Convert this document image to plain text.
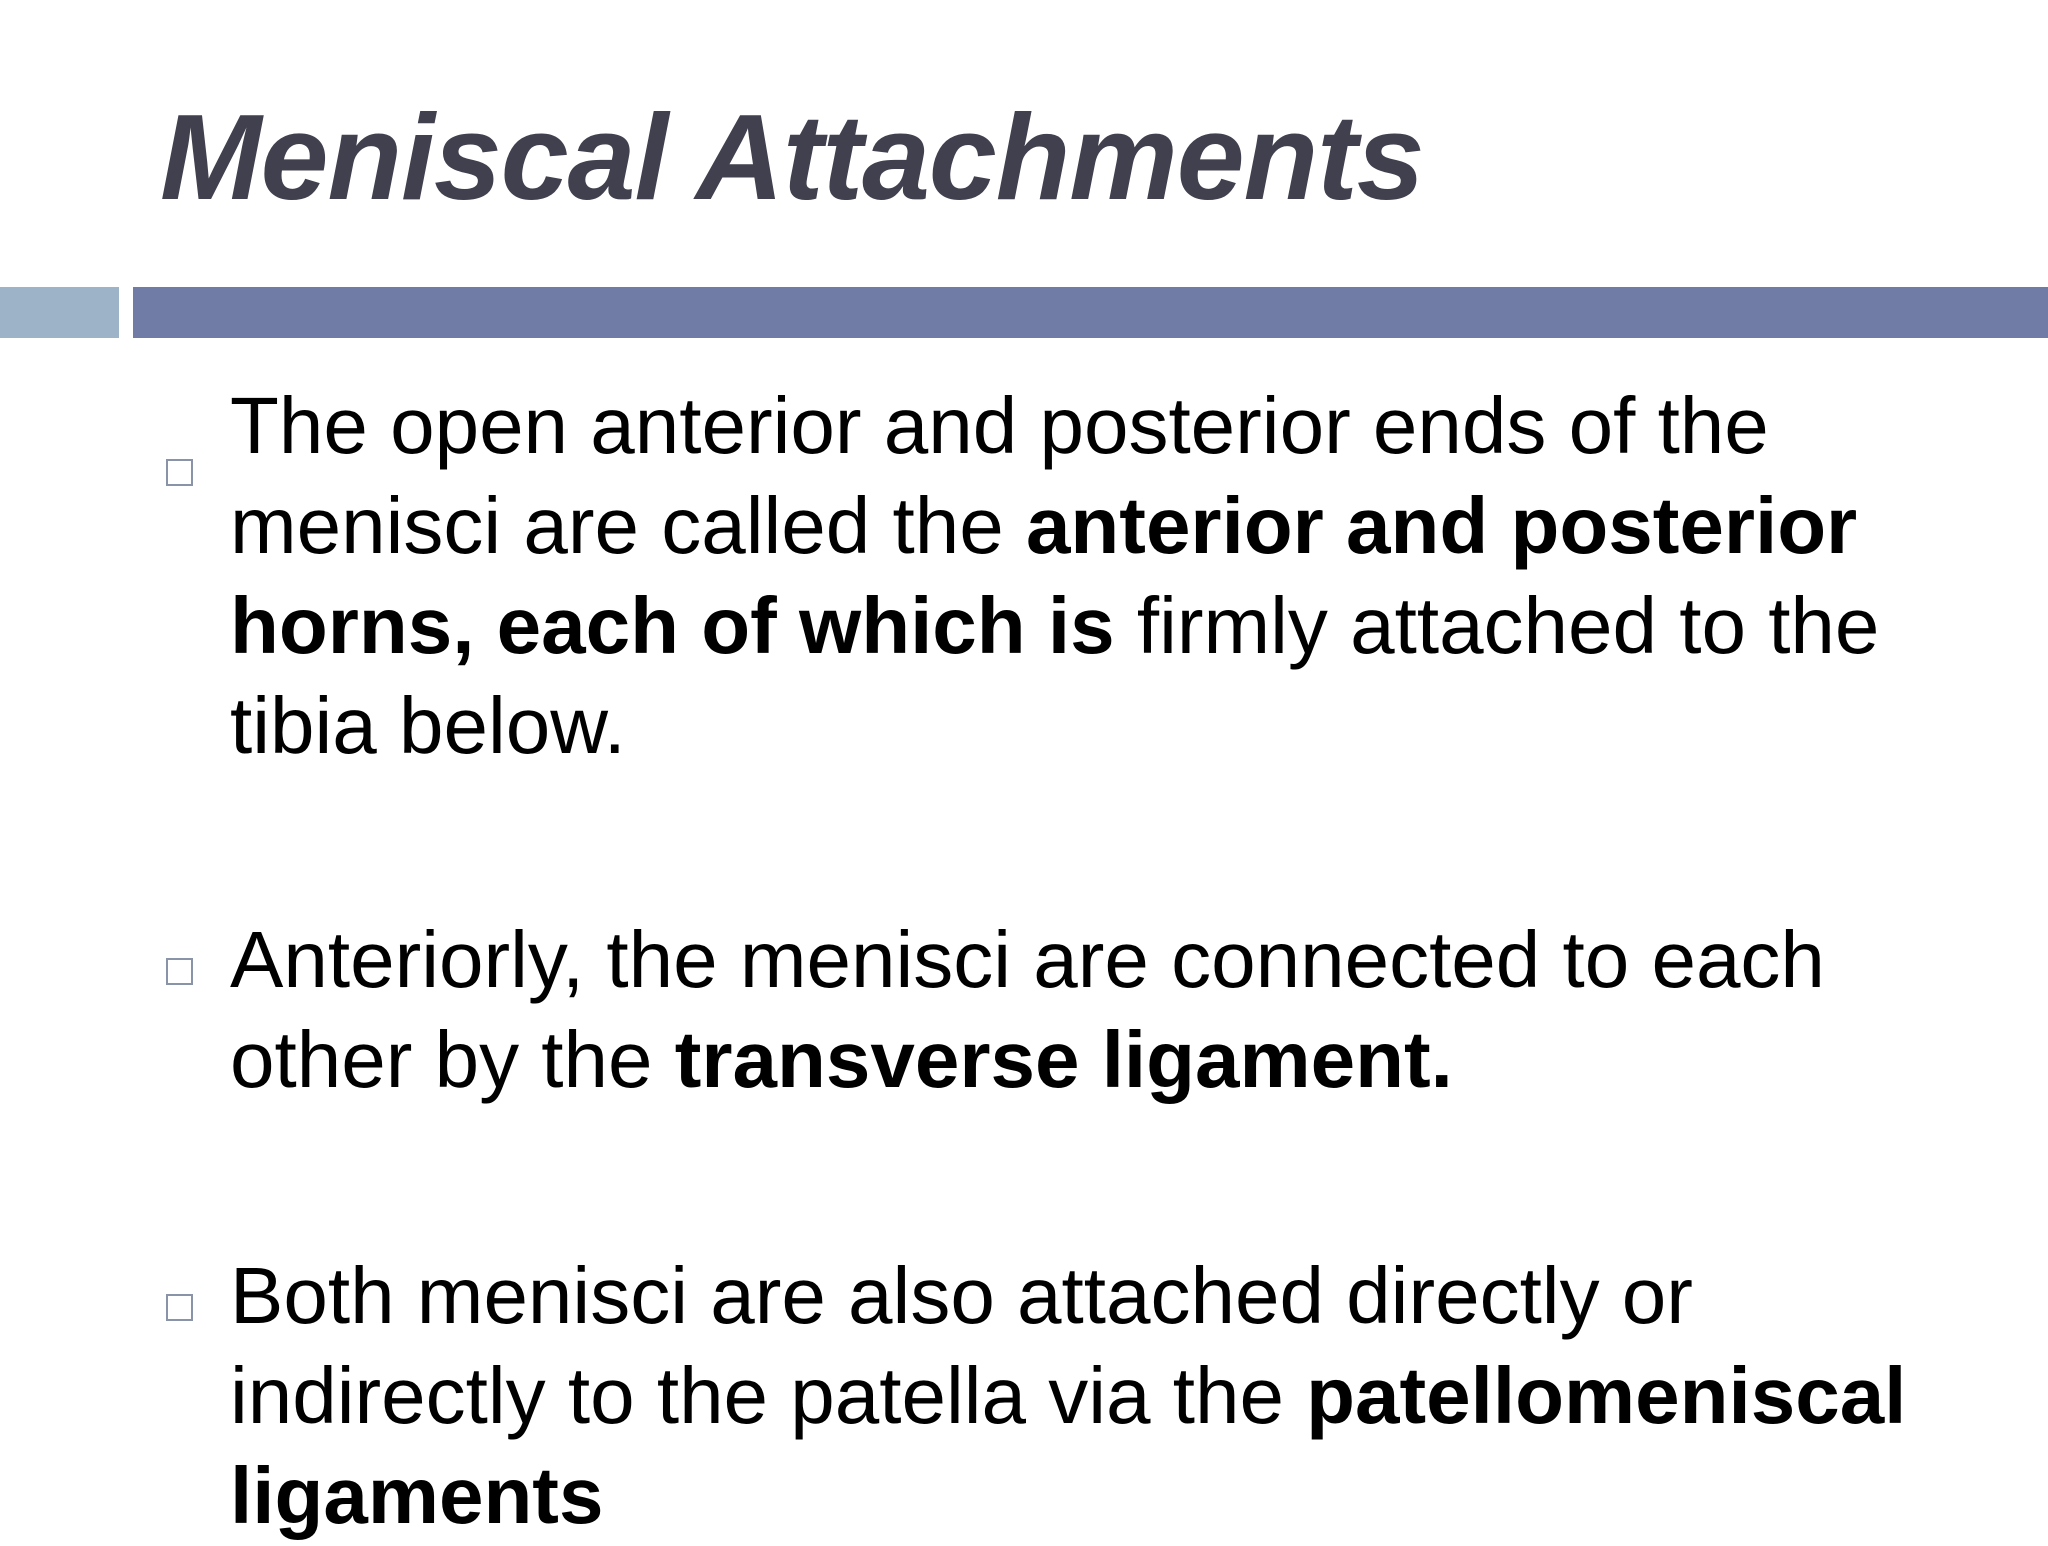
Meniscal Attachments

The open anterior and posterior ends of the menisci are called the anterior and posterior horns, each of which is firmly attached to the tibia below.

Anteriorly, the menisci are connected to each other by the transverse ligament.

Both menisci are also attached directly or indirectly to the patella via the patellomeniscal ligaments
